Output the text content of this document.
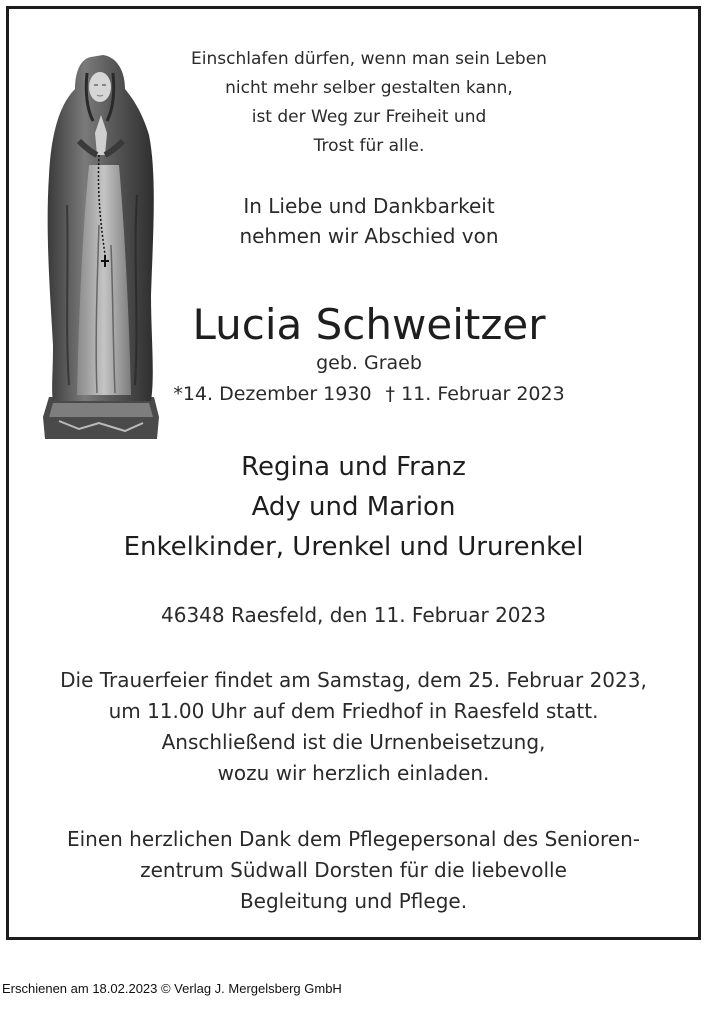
Einschlafen dürfen, wenn man sein Leben
nicht mehr selber gestalten kann,
ist der Weg zur Freiheit und
Trost für alle.
In Liebe und Dankbarkeit
nehmen wir Abschied von
Lucia Schweitzer
geb. Graeb
*14. Dezember 1930 † 11. Februar 2023
Regina und Franz
Ady und Marion
Enkelkinder, Urenkel und Ururenkel
46348 Raesfeld, den 11. Februar 2023
Die Trauerfeier findet am Samstag, dem 25. Februar 2023,
um 11.00 Uhr auf dem Friedhof in Raesfeld statt.
Anschließend ist die Urnenbeisetzung,
wozu wir herzlich einladen.
Einen herzlichen Dank dem Pflegepersonal des Senioren-
zentrum Südwall Dorsten für die liebevolle
Begleitung und Pflege.
Erschienen am 18.02.2023 © Verlag J. Mergelsberg GmbH
